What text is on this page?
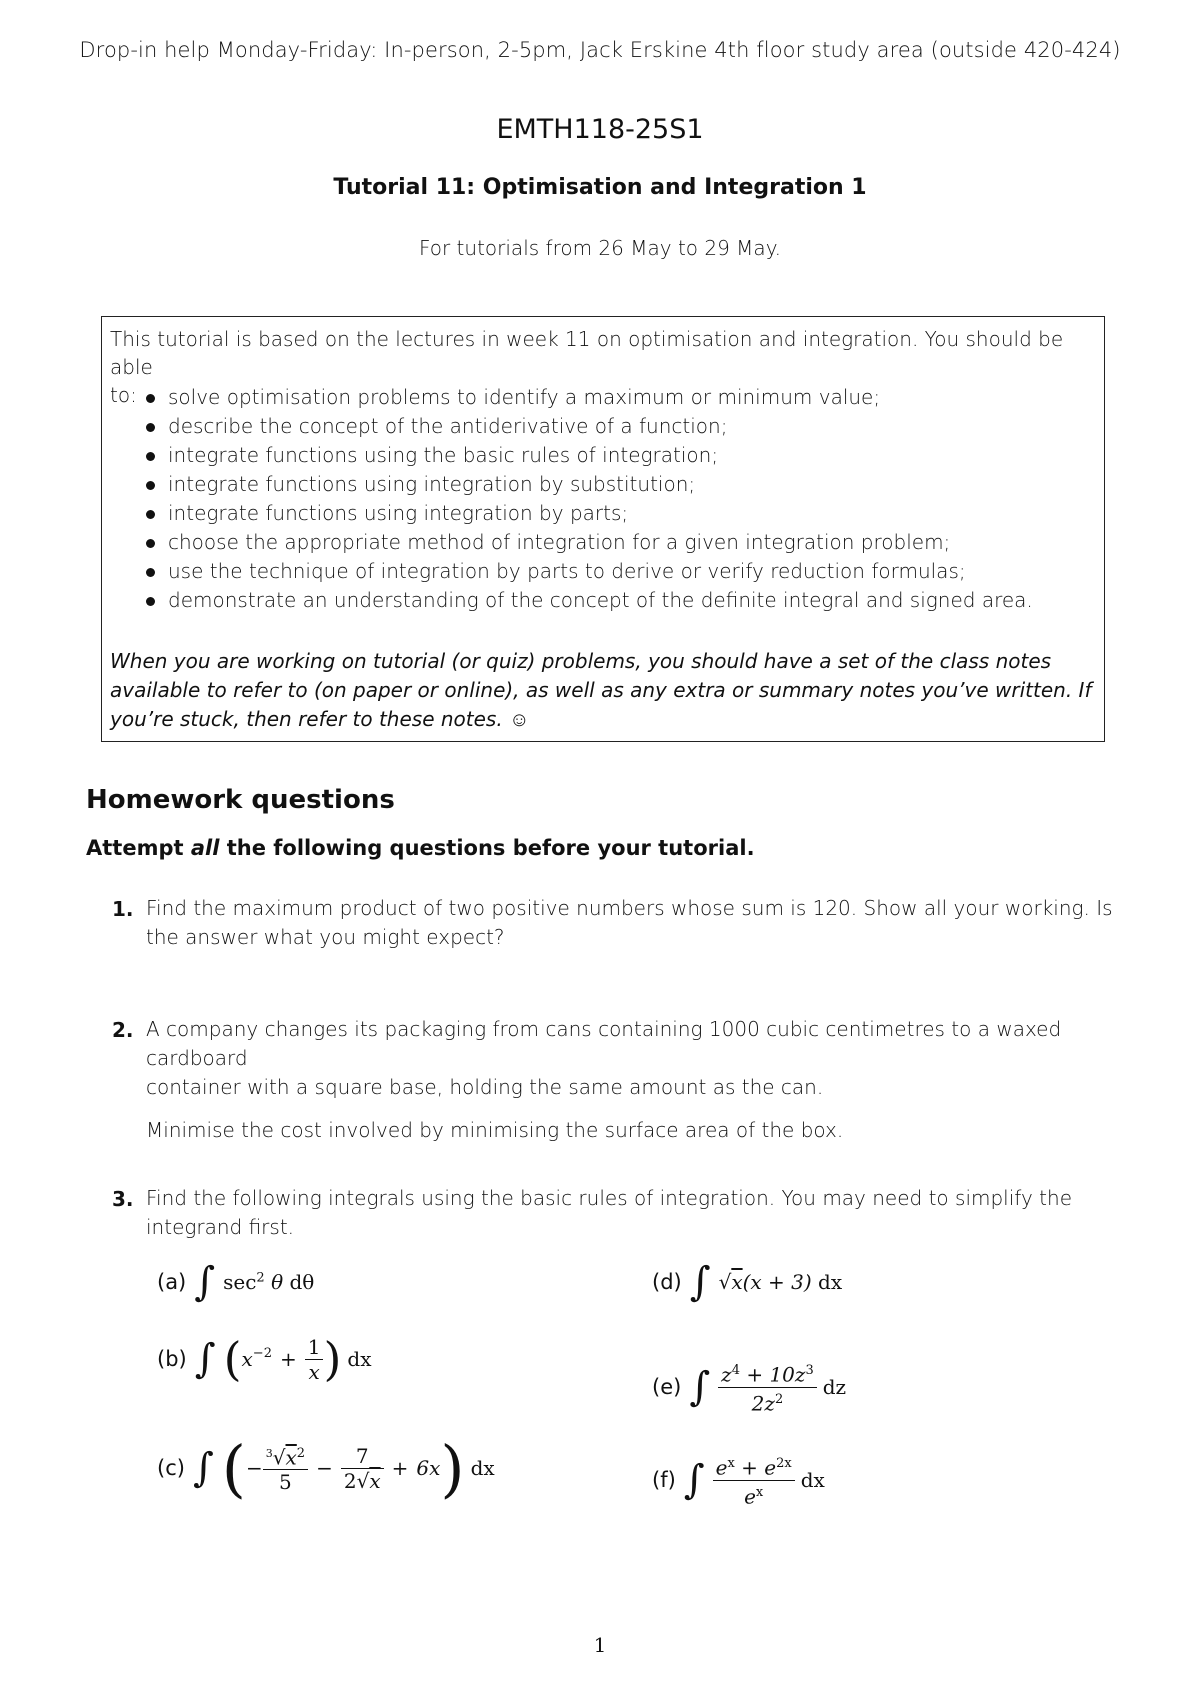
Drop-in help Monday-Friday: In-person, 2-5pm, Jack Erskine 4th floor study area (outside 420-424)
EMTH118-25S1
Tutorial 11: Optimisation and Integration 1
For tutorials from 26 May to 29 May.
This tutorial is based on the lectures in week 11 on optimisation and integration. You should be able
to:	solve optimisation problems to identify a maximum or minimum value;
describe the concept of the antiderivative of a function;
integrate functions using the basic rules of integration;
integrate functions using integration by substitution;
integrate functions using integration by parts;
choose the appropriate method of integration for a given integration problem;
use the technique of integration by parts to derive or verify reduction formulas;
demonstrate an understanding of the concept of the definite integral and signed area.
When you are working on tutorial (or quiz) problems, you should have a set of the class notes
available to refer to (on paper or online), as well as any extra or summary notes you’ve written. If
you’re stuck, then refer to these notes. ☺
Homework questions
Attempt all the following questions before your tutorial.
1. Find the maximum product of two positive numbers whose sum is 120. Show all your working. Is
the answer what you might expect?
2. A company changes its packaging from cans containing 1000 cubic centimetres to a waxed cardboard
container with a square base, holding the same amount as the can.
Minimise the cost involved by minimising the surface area of the box.
3. Find the following integrals using the basic rules of integration. You may need to simplify the
integrand first.
(a) ∫ $\sec^2 \theta$ dθ
(b) ∫ ( $x^{-2} + \frac{1}{x}$ ) dx
(c) ∫ ( − $\frac{^3√x^2}{5} - \frac{7}{2√x} + 6x$ ) dx
(d) ∫ √x(x + 3) dx
(e) ∫ $\frac{z^4 + 10z^3}{2z^2}$ dz
(f) ∫ $\frac{e^x + e^{2x}}{e^x}$ dx
1
